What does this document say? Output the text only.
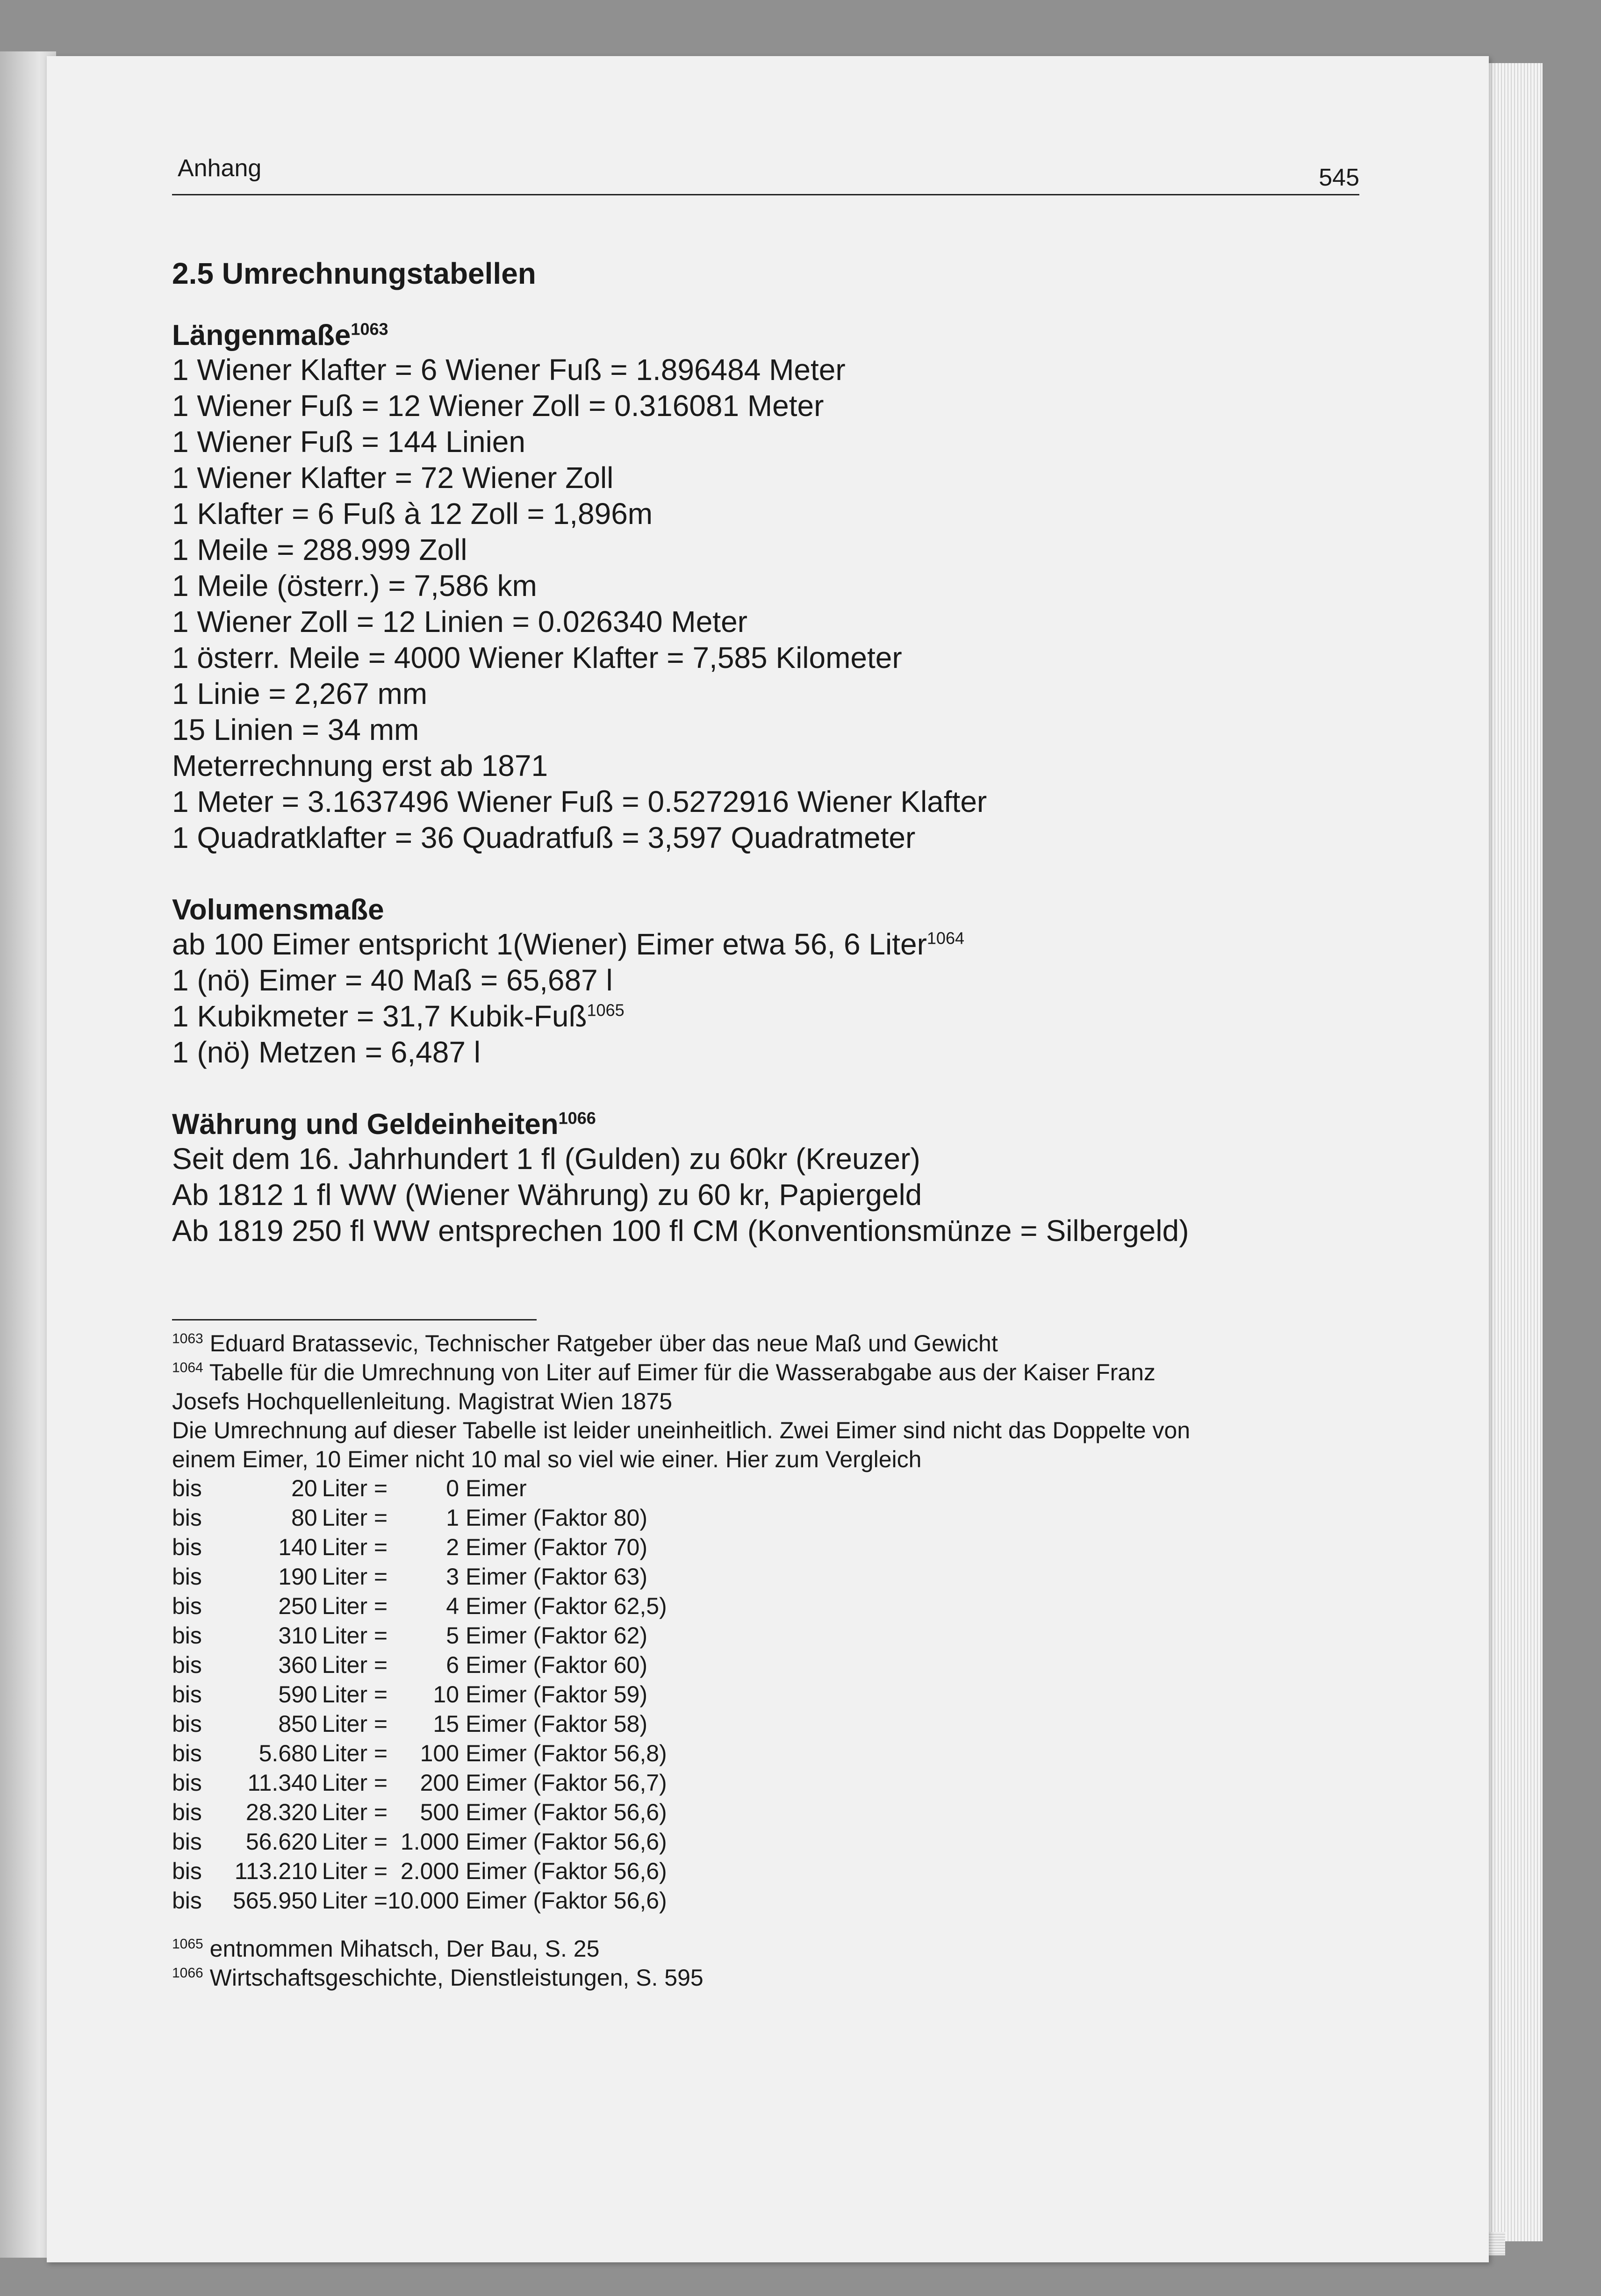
Anhang	545
2.5 Umrechnungstabellen
Längenmaße$^{1063}$
1 Wiener Klafter = 6 Wiener Fuß = 1.896484 Meter
1 Wiener Fuß = 12 Wiener Zoll = 0.316081 Meter
1 Wiener Fuß = 144 Linien
1 Wiener Klafter = 72 Wiener Zoll
1 Klafter = 6 Fuß à 12 Zoll = 1,896m
1 Meile = 288.999 Zoll
1 Meile (österr.) = 7,586 km
1 Wiener Zoll = 12 Linien = 0.026340 Meter
1 österr. Meile = 4000 Wiener Klafter = 7,585 Kilometer
1 Linie = 2,267 mm
15 Linien = 34 mm
Meterrechnung erst ab 1871
1 Meter = 3.1637496 Wiener Fuß = 0.5272916 Wiener Klafter
1 Quadratklafter = 36 Quadratfuß = 3,597 Quadratmeter
Volumensmaße
ab 100 Eimer entspricht 1(Wiener) Eimer etwa 56, 6 Liter$^{1064}$
1 (nö) Eimer = 40 Maß = 65,687 l
1 Kubikmeter = 31,7 Kubik-Fuß$^{1065}$
1 (nö) Metzen = 6,487 l
Währung und Geldeinheiten$^{1066}$
Seit dem 16. Jahrhundert 1 fl (Gulden) zu 60kr (Kreuzer)
Ab 1812 1 fl WW (Wiener Währung) zu 60 kr, Papiergeld
Ab 1819 250 fl WW entsprechen 100 fl CM (Konventionsmünze = Silbergeld)
$^{1063}$ Eduard Bratassevic, Technischer Ratgeber über das neue Maß und Gewicht
$^{1064}$ Tabelle für die Umrechnung von Liter auf Eimer für die Wasserabgabe aus der Kaiser Franz
Josefs Hochquellenleitung. Magistrat Wien 1875
Die Umrechnung auf dieser Tabelle ist leider uneinheitlich. Zwei Eimer sind nicht das Doppelte von
einem Eimer, 10 Eimer nicht 10 mal so viel wie einer. Hier zum Vergleich
bis	20	Liter =	0	Eimer
bis	80	Liter =	1	Eimer (Faktor 80)
bis	140	Liter =	2	Eimer (Faktor 70)
bis	190	Liter =	3	Eimer (Faktor 63)
bis	250	Liter =	4	Eimer (Faktor 62,5)
bis	310	Liter =	5	Eimer (Faktor 62)
bis	360	Liter =	6	Eimer (Faktor 60)
bis	590	Liter =	10	Eimer (Faktor 59)
bis	850	Liter =	15	Eimer (Faktor 58)
bis	5.680	Liter =	100	Eimer (Faktor 56,8)
bis	11.340	Liter =	200	Eimer (Faktor 56,7)
bis	28.320	Liter =	500	Eimer (Faktor 56,6)
bis	56.620	Liter =	1.000	Eimer (Faktor 56,6)
bis	113.210	Liter =	2.000	Eimer (Faktor 56,6)
bis	565.950	Liter =	10.000	Eimer (Faktor 56,6)
$^{1065}$ entnommen Mihatsch, Der Bau, S. 25
$^{1066}$ Wirtschaftsgeschichte, Dienstleistungen, S. 595
